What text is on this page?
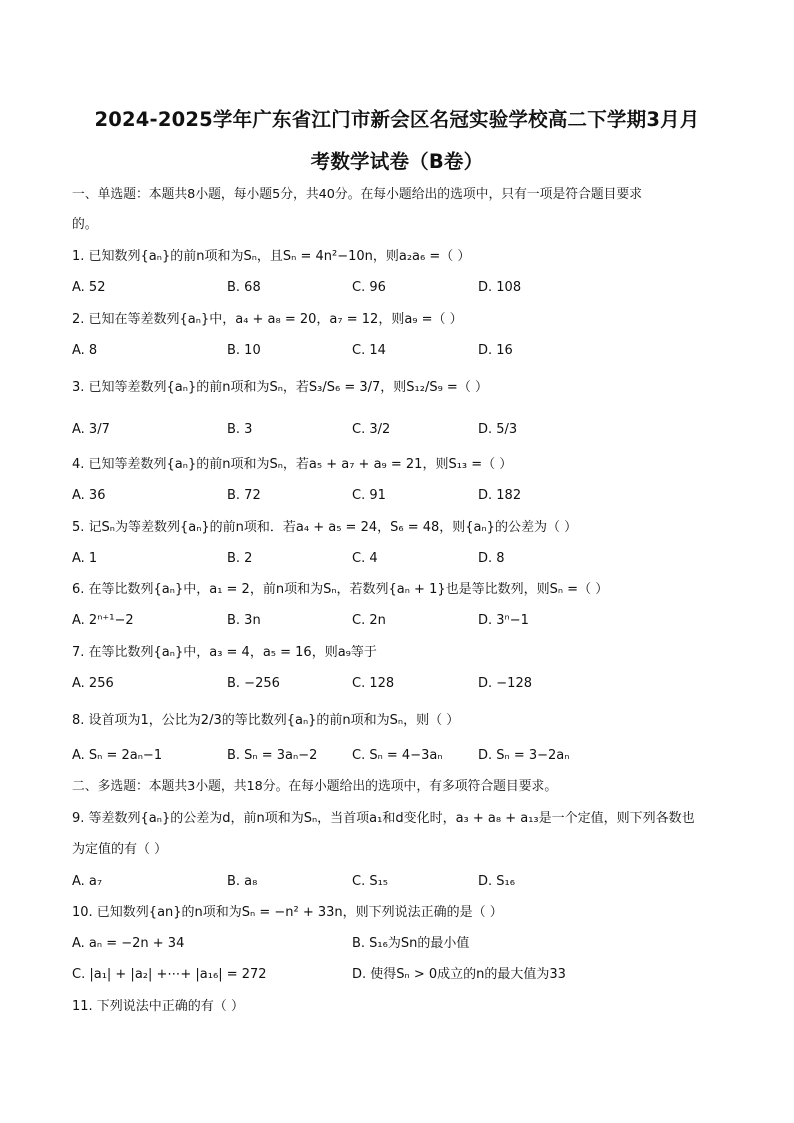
2024-2025学年广东省江门市新会区名冠实验学校高二下学期3月月
考数学试卷（B卷）
一、单选题：本题共8小题，每小题5分，共40分。在每小题给出的选项中，只有一项是符合题目要求
的。
1. 已知数列{aₙ}的前n项和为Sₙ，且Sₙ = 4n²−10n，则a₂a₆ =（ ）
A. 52	B. 68	C. 96	D. 108
2. 已知在等差数列{aₙ}中，a₄ + a₈ = 20，a₇ = 12，则a₉ =（ ）
A. 8	B. 10	C. 14	D. 16
3. 已知等差数列{aₙ}的前n项和为Sₙ，若S₃/S₆ = 3/7，则S₁₂/S₉ =（ ）
A. 3/7	B. 3	C. 3/2	D. 5/3
4. 已知等差数列{aₙ}的前n项和为Sₙ，若a₅ + a₇ + a₉ = 21，则S₁₃ =（ ）
A. 36	B. 72	C. 91	D. 182
5. 记Sₙ为等差数列{aₙ}的前n项和．若a₄ + a₅ = 24，S₆ = 48，则{aₙ}的公差为（ ）
A. 1	B. 2	C. 4	D. 8
6. 在等比数列{aₙ}中，a₁ = 2，前n项和为Sₙ，若数列{aₙ + 1}也是等比数列，则Sₙ =（ ）
A. 2ⁿ⁺¹−2	B. 3n	C. 2n	D. 3ⁿ−1
7. 在等比数列{aₙ}中，a₃ = 4，a₅ = 16，则a₉等于
A. 256	B. −256	C. 128	D. −128
8. 设首项为1，公比为2/3的等比数列{aₙ}的前n项和为Sₙ，则（ ）
A. Sₙ = 2aₙ−1	B. Sₙ = 3aₙ−2	C. Sₙ = 4−3aₙ	D. Sₙ = 3−2aₙ
二、多选题：本题共3小题，共18分。在每小题给出的选项中，有多项符合题目要求。
9. 等差数列{aₙ}的公差为d，前n项和为Sₙ，当首项a₁和d变化时，a₃ + a₈ + a₁₃是一个定值，则下列各数也
为定值的有（ ）
A. a₇	B. a₈	C. S₁₅	D. S₁₆
10. 已知数列{an}的n项和为Sₙ = −n² + 33n，则下列说法正确的是（ ）
A. aₙ = −2n + 34	B. S₁₆为Sn的最小值
C. |a₁| + |a₂| +⋯+ |a₁₆| = 272	D. 使得Sₙ > 0成立的n的最大值为33
11. 下列说法中正确的有（ ）
